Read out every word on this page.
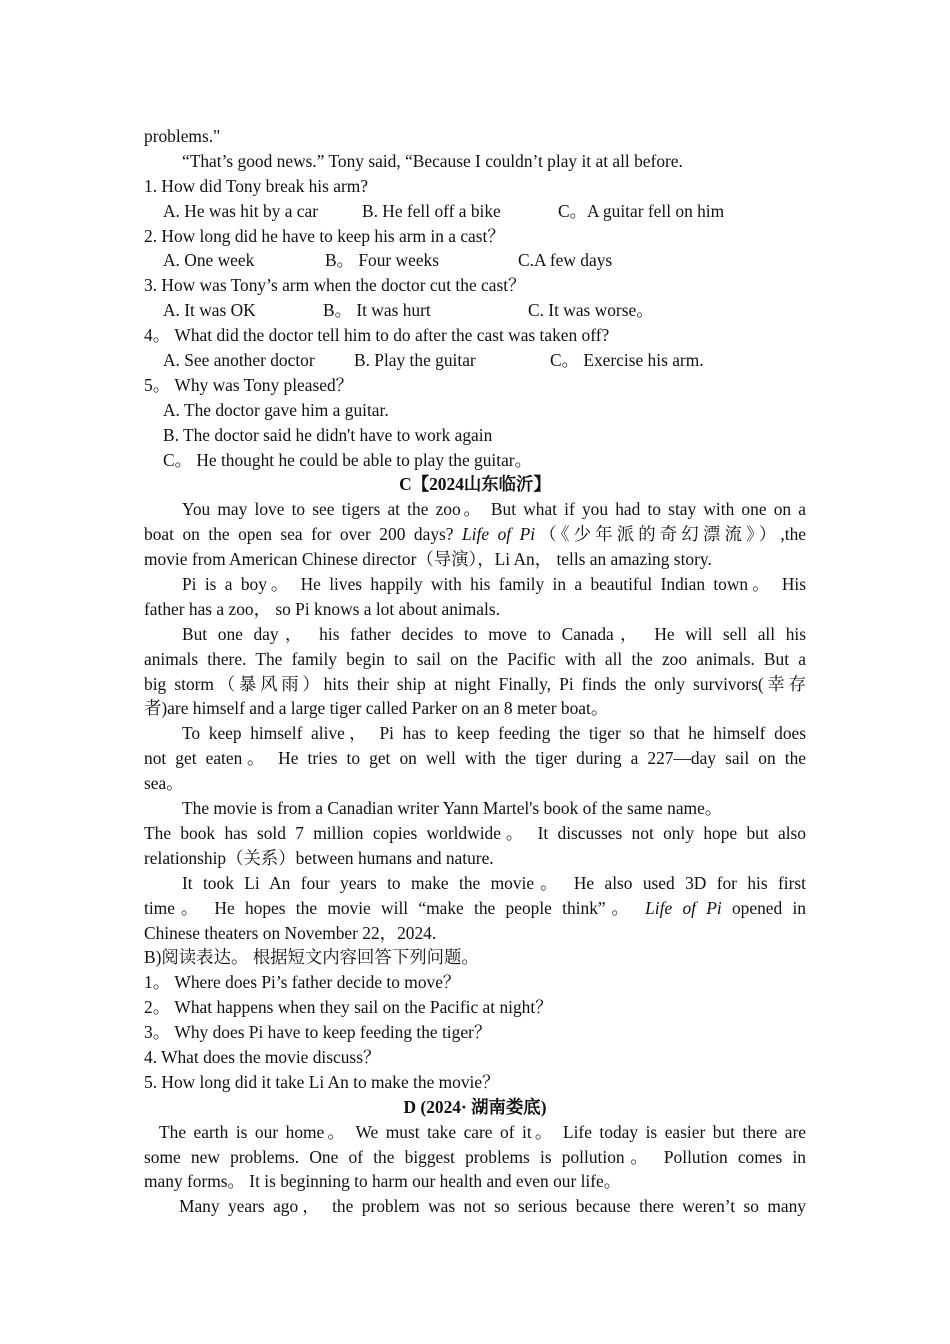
problems."
“That’s good news.” Tony said, “Because I couldn’t play it at all before.
1. How did Tony break his arm?
A. He was hit by a car	B. He fell off a bike	C。A guitar fell on him
2. How long did he have to keep his arm in a cast？
A. One week	B。 Four weeks	C.A few days
3. How was Tony’s arm when the doctor cut the cast？
A. It was OK	B。 It was hurt	C. It was worse。
4。 What did the doctor tell him to do after the cast was taken off?
A. See another doctor	B. Play the guitar	C。 Exercise his arm.
5。 Why was Tony pleased？
A. The doctor gave him a guitar.
B. The doctor said he didn't have to work again
C。 He thought he could be able to play the guitar。
C【2024山东临沂】
You may love to see tigers at the zoo。 But what if you had to stay with one on a
boat on the open sea for over 200 days? Life of Pi（《少年派的奇幻漂流》）,the
movie from American Chinese director（导演），Li An， tells an amazing story.
Pi is a boy。 He lives happily with his family in a beautiful Indian town。 His
father has a zoo， so Pi knows a lot about animals.
But one day， his father decides to move to Canada， He will sell all his
animals there. The family begin to sail on the Pacific with all the zoo animals. But a
big storm（暴风雨）hits their ship at night Finally, Pi finds the only survivors(幸存
者)are himself and a large tiger called Parker on an 8 meter boat。
To keep himself alive， Pi has to keep feeding the tiger so that he himself does
not get eaten。 He tries to get on well with the tiger during a 227—day sail on the
sea。
The movie is from a Canadian writer Yann Martel's book of the same name。
The book has sold 7 million copies worldwide。 It discusses not only hope but also
relationship（关系）between humans and nature.
It took Li An four years to make the movie。 He also used 3D for his first
time。 He hopes the movie will “make the people think”。 Life of Pi opened in
Chinese theaters on November 22，2024.
B)阅读表达。 根据短文内容回答下列问题。
1。 Where does Pi’s father decide to move？
2。 What happens when they sail on the Pacific at night？
3。 Why does Pi have to keep feeding the tiger？
4. What does the movie discuss？
5. How long did it take Li An to make the movie？
D (2024· 湖南娄底)
The earth is our home。 We must take care of it。 Life today is easier but there are
some new problems. One of the biggest problems is pollution。 Pollution comes in
many forms。 It is beginning to harm our health and even our life。
Many years ago， the problem was not so serious because there weren’t so many
